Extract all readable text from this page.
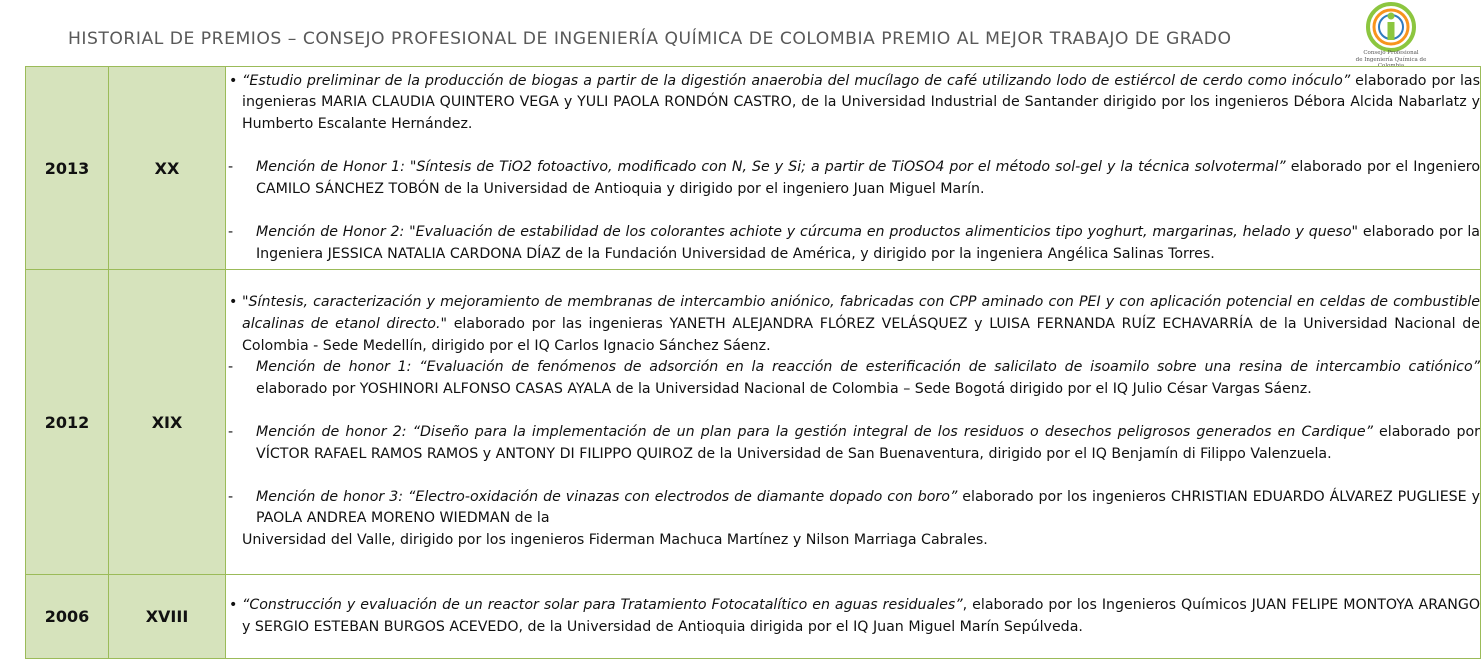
HISTORIAL DE PREMIOS – CONSEJO PROFESIONAL DE INGENIERÍA QUÍMICA DE COLOMBIA PREMIO AL MEJOR TRABAJO DE GRADO
Consejo Profesional
de Ingeniería Química de Colombia
2013	XX	• “Estudio preliminar de la producción de biogas a partir de la digestión anaerobia del mucílago de café utilizando lodo de estiércol de cerdo como inóculo” elaborado por las ingenieras MARIA CLAUDIA QUINTERO VEGA y YULI PAOLA RONDÓN CASTRO, de la Universidad Industrial de Santander dirigido por los ingenieros Débora Alcida Nabarlatz y Humberto Escalante Hernández.

- Mención de Honor 1: "Síntesis de TiO2 fotoactivo, modificado con N, Se y Si; a partir de TiOSO4 por el método sol-gel y la técnica solvotermal” elaborado por el Ingeniero CAMILO SÁNCHEZ TOBÓN de la Universidad de Antioquia y dirigido por el ingeniero Juan Miguel Marín.

- Mención de Honor 2: "Evaluación de estabilidad de los colorantes achiote y cúrcuma en productos alimenticios tipo yoghurt, margarinas, helado y queso" elaborado por la Ingeniera JESSICA NATALIA CARDONA DÍAZ de la Fundación Universidad de América, y dirigido por la ingeniera Angélica Salinas Torres.

2012	XIX	• "Síntesis, caracterización y mejoramiento de membranas de intercambio aniónico, fabricadas con CPP aminado con PEI y con aplicación potencial en celdas de combustible alcalinas de etanol directo." elaborado por las ingenieras YANETH ALEJANDRA FLÓREZ VELÁSQUEZ y LUISA FERNANDA RUÍZ ECHAVARRÍA de la Universidad Nacional de Colombia - Sede Medellín, dirigido por el IQ Carlos Ignacio Sánchez Sáenz.

- Mención de honor 1: “Evaluación de fenómenos de adsorción en la reacción de esterificación de salicilato de isoamilo sobre una resina de intercambio catiónico” elaborado por YOSHINORI ALFONSO CASAS AYALA de la Universidad Nacional de Colombia – Sede Bogotá dirigido por el IQ Julio César Vargas Sáenz.

- Mención de honor 2: “Diseño para la implementación de un plan para la gestión integral de los residuos o desechos peligrosos generados en Cardique” elaborado por VÍCTOR RAFAEL RAMOS RAMOS y ANTONY DI FILIPPO QUIROZ de la Universidad de San Buenaventura, dirigido por el IQ Benjamín di Filippo Valenzuela.

- Mención de honor 3: “Electro-oxidación de vinazas con electrodos de diamante dopado con boro” elaborado por los ingenieros CHRISTIAN EDUARDO ÁLVAREZ PUGLIESE y PAOLA ANDREA MORENO WIEDMAN de la

Universidad del Valle, dirigido por los ingenieros Fiderman Machuca Martínez y Nilson Marriaga Cabrales.

2006	XVIII	• “Construcción y evaluación de un reactor solar para Tratamiento Fotocatalítico en aguas residuales”, elaborado por los Ingenieros Químicos JUAN FELIPE MONTOYA ARANGO y SERGIO ESTEBAN BURGOS ACEVEDO, de la Universidad de Antioquia dirigida por el IQ Juan Miguel Marín Sepúlveda.
